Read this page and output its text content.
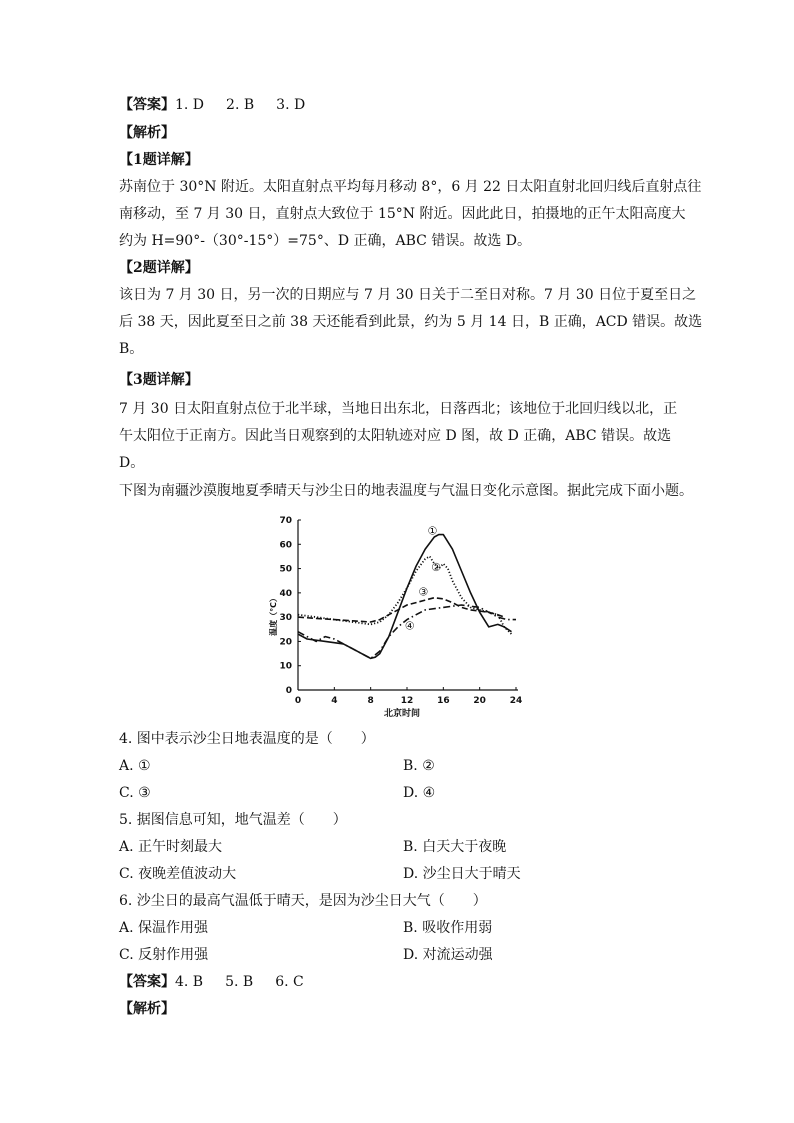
【答案】1. D 2. B 3. D
【解析】
【1题详解】
苏南位于 30°N 附近。太阳直射点平均每月移动 8°，6 月 22 日太阳直射北回归线后直射点往
南移动，至 7 月 30 日，直射点大致位于 15°N 附近。因此此日，拍摄地的正午太阳高度大
约为 H=90°-（30°-15°）=75°、D 正确，ABC 错误。故选 D。
【2题详解】
该日为 7 月 30 日，另一次的日期应与 7 月 30 日关于二至日对称。7 月 30 日位于夏至日之
后 38 天，因此夏至日之前 38 天还能看到此景，约为 5 月 14 日，B 正确，ACD 错误。故选
B。
【3题详解】
7 月 30 日太阳直射点位于北半球，当地日出东北，日落西北；该地位于北回归线以北，正
午太阳位于正南方。因此当日观察到的太阳轨迹对应 D 图，故 D 正确，ABC 错误。故选
D。
下图为南疆沙漠腹地夏季晴天与沙尘日的地表温度与气温日变化示意图。据此完成下面小题。
0	4	8	12	16	20	24
0
10
20
30
40
50
60
70
北京时间
温度（℃）
①
②
③
④
4. 图中表示沙尘日地表温度的是（　　）
A. ①	B. ②
C. ③	D. ④
5. 据图信息可知，地气温差（　　）
A. 正午时刻最大	B. 白天大于夜晚
C. 夜晚差值波动大	D. 沙尘日大于晴天
6. 沙尘日的最高气温低于晴天，是因为沙尘日大气（　　）
A. 保温作用强	B. 吸收作用弱
C. 反射作用强	D. 对流运动强
【答案】4. B 5. B 6. C
【解析】
